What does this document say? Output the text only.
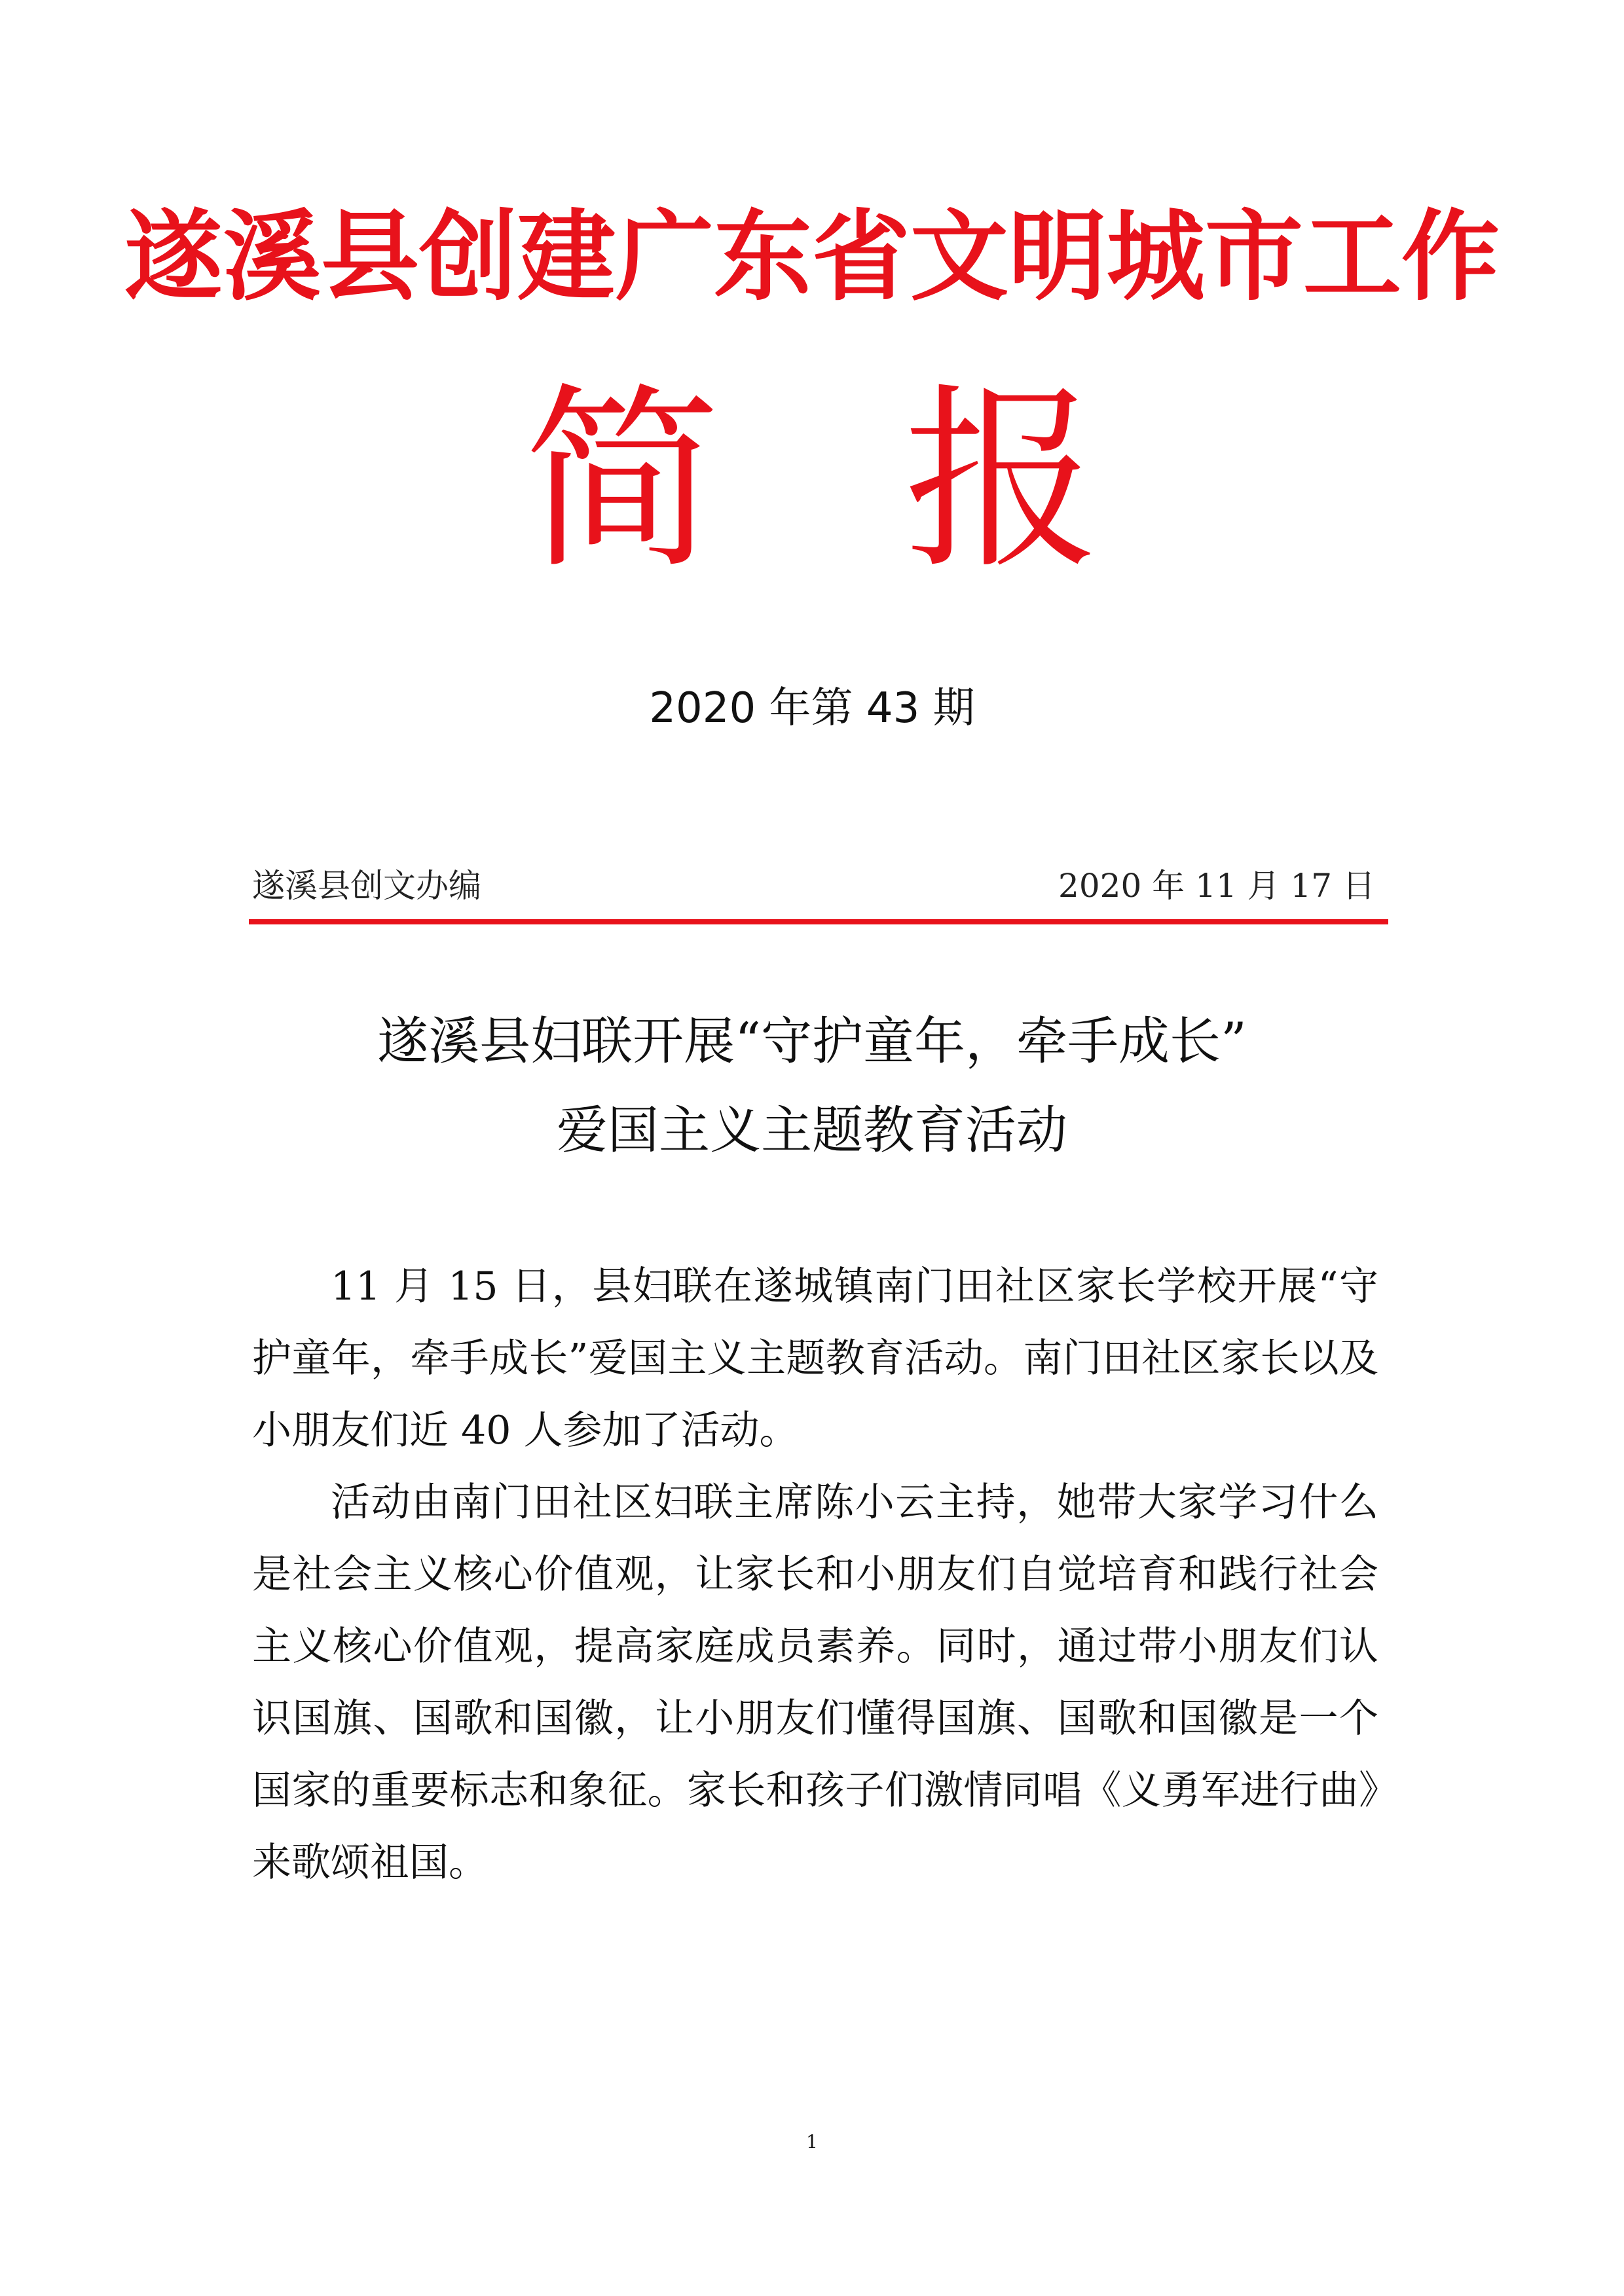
遂溪县创建广东省文明城市工作
简 报
2020 年第 43 期
遂溪县创文办编	2020 年 11 月 17 日
遂溪县妇联开展“守护童年，牵手成长”
爱国主义主题教育活动

11 月 15 日，县妇联在遂城镇南门田社区家长学校开展“守护童年，牵手成长”爱国主义主题教育活动。南门田社区家长以及小朋友们近 40 人参加了活动。

活动由南门田社区妇联主席陈小云主持，她带大家学习什么是社会主义核心价值观，让家长和小朋友们自觉培育和践行社会主义核心价值观，提高家庭成员素养。同时，通过带小朋友们认识国旗、国歌和国徽，让小朋友们懂得国旗、国歌和国徽是一个国家的重要标志和象征。家长和孩子们激情同唱《义勇军进行曲》来歌颂祖国。

1
